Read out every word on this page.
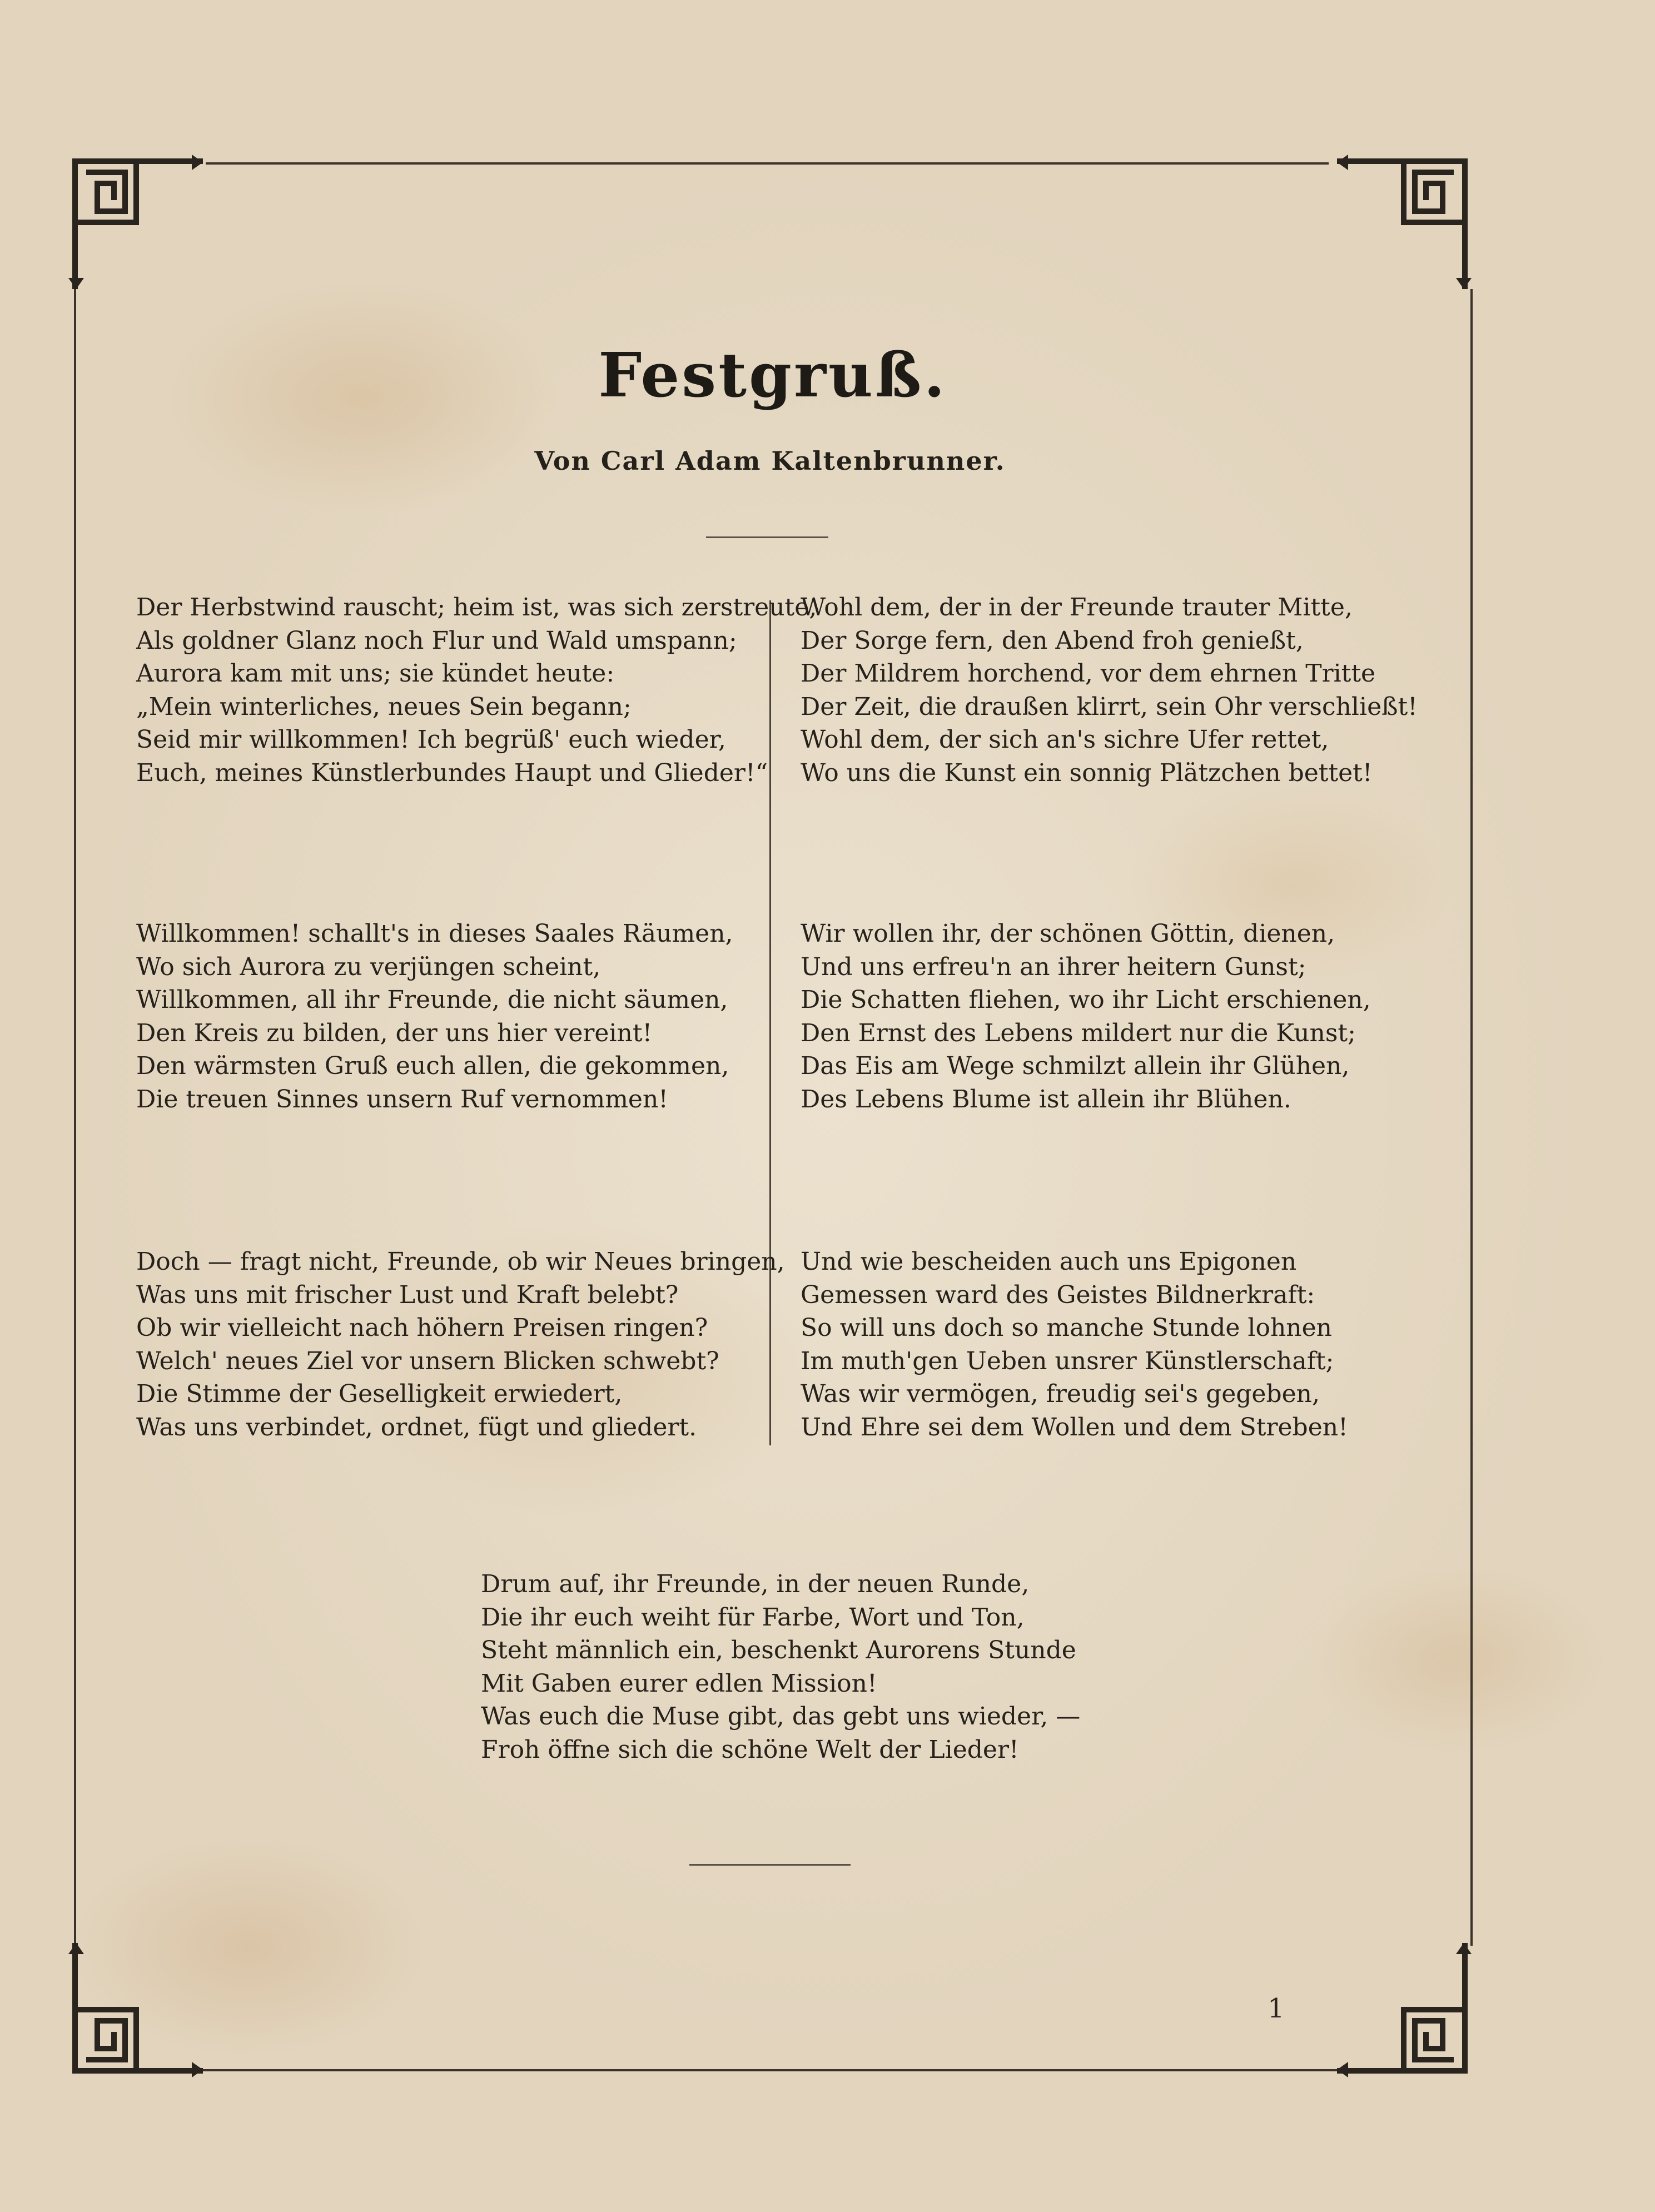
Festgruß.
Von Carl Adam Kaltenbrunner.
Der Herbstwind rauscht; heim ist, was sich zerstreute,
Als goldner Glanz noch Flur und Wald umspann;
Aurora kam mit uns; sie kündet heute:
„Mein winterliches, neues Sein begann;
Seid mir willkommen! Ich begrüß' euch wieder,
Euch, meines Künstlerbundes Haupt und Glieder!“
Wohl dem, der in der Freunde trauter Mitte,
Der Sorge fern, den Abend froh genießt,
Der Mildrem horchend, vor dem ehrnen Tritte
Der Zeit, die draußen klirrt, sein Ohr verschließt!
Wohl dem, der sich an's sichre Ufer rettet,
Wo uns die Kunst ein sonnig Plätzchen bettet!
Willkommen! schallt's in dieses Saales Räumen,
Wo sich Aurora zu verjüngen scheint,
Willkommen, all ihr Freunde, die nicht säumen,
Den Kreis zu bilden, der uns hier vereint!
Den wärmsten Gruß euch allen, die gekommen,
Die treuen Sinnes unsern Ruf vernommen!
Wir wollen ihr, der schönen Göttin, dienen,
Und uns erfreu'n an ihrer heitern Gunst;
Die Schatten fliehen, wo ihr Licht erschienen,
Den Ernst des Lebens mildert nur die Kunst;
Das Eis am Wege schmilzt allein ihr Glühen,
Des Lebens Blume ist allein ihr Blühen.
Doch — fragt nicht, Freunde, ob wir Neues bringen,
Was uns mit frischer Lust und Kraft belebt?
Ob wir vielleicht nach höhern Preisen ringen?
Welch' neues Ziel vor unsern Blicken schwebt?
Die Stimme der Geselligkeit erwiedert,
Was uns verbindet, ordnet, fügt und gliedert.
Und wie bescheiden auch uns Epigonen
Gemessen ward des Geistes Bildnerkraft:
So will uns doch so manche Stunde lohnen
Im muth'gen Ueben unsrer Künstlerschaft;
Was wir vermögen, freudig sei's gegeben,
Und Ehre sei dem Wollen und dem Streben!
Drum auf, ihr Freunde, in der neuen Runde,
Die ihr euch weiht für Farbe, Wort und Ton,
Steht männlich ein, beschenkt Aurorens Stunde
Mit Gaben eurer edlen Mission!
Was euch die Muse gibt, das gebt uns wieder, —
Froh öffne sich die schöne Welt der Lieder!
1
